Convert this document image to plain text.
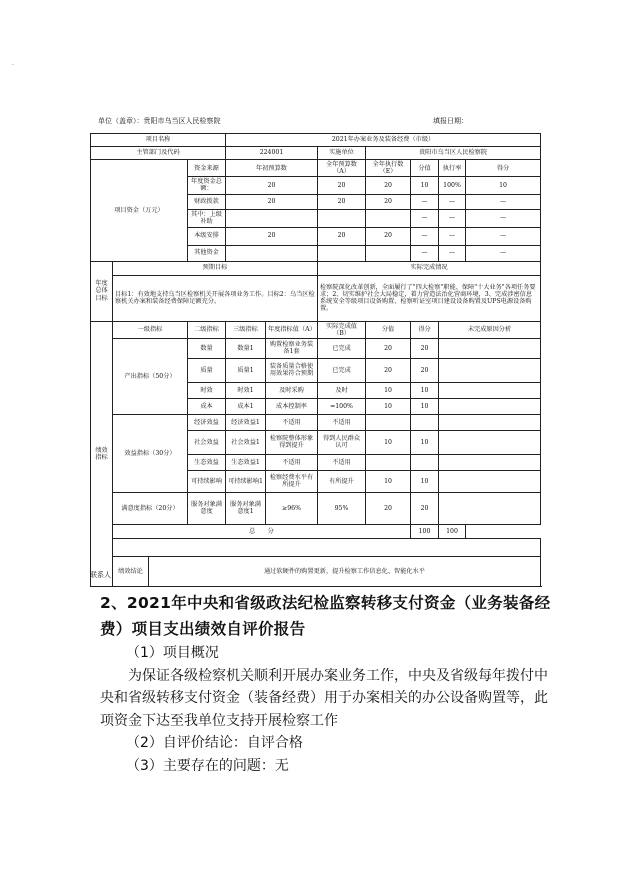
·
单位（盖章）：贵阳市乌当区人民检察院	填报日期：
项目名称				2021年办案业务及装备经费（市级）						
主管部门及代码				224001		实施单位	贵阳市乌当区人民检察院			
项目资金（万元）			资金来源	年初预算数		全年预算数（A）	全年执行数（E）	分值	执行率	得分
			年度资金总额：	20		20	20	10	100%	10
			财政拨款	20		20	20	—	—	—
			其中：上级补助					—	—	—
			本级安排	20		20	20	—	—	—
			其他资金					—	—	—
年度总体目标	预期目标					实际完成情况				
	目标1：有效地支持乌当区检察机关开展各项业务工作。目标2：乌当区检察机关办案和装备经费保障足额充分。					检察院深化改革创新，全面履行了"四大检察"职能、保障"十大业务"各项任务要求；2、切实维护社会大局稳定，着力营造法治化营商环境，3、完成涉密信息系统安全等级项目设备购置、检察听证室项目建设设备购置及UPS电源设备购置。				
绩效指标	一级指标		二级指标	三级指标	年度指标值（A）	实际完成值（B）	分值	得分	未完成原因分析	
	产出指标（50分）		数量	数量1	购置检察业务装备1套	已完成	20	20		
			质量	质量1	装备质量合格使用效果符合预期	已完成	20	20		
			时效	时效1	及时采购	及时	10	10		
			成本	成本1	成本控制率	=100%	10	10		
	效益指标（30分）		经济效益	经济效益1	不适用	不适用				
			社会效益	社会效益1	检察院整体形象得到提升	得到人民群众认可	10	10		
			生态效益	生态效益1	不适用	不适用				
			可持续影响	可持续影响1	检察经费水平有所提升	有所提升	10	10		
	满意度指标（20分）		服务对象满意度	服务对象满意度1	≥96%	95%	20	20		
	总　　分							100	100	

	绩效结论	通过软硬件的购置更新，提升检察工作信息化、智能化水平								
联系人：
2、2021年中央和省级政法纪检监察转移支付资金（业务装备经费）项目支出绩效自评价报告

（1）项目概况

为保证各级检察机关顺利开展办案业务工作，中央及省级每年拨付中央和省级转移支付资金（装备经费）用于办案相关的办公设备购置等，此项资金下达至我单位支持开展检察工作

（2）自评价结论：自评合格

（3）主要存在的问题：无
